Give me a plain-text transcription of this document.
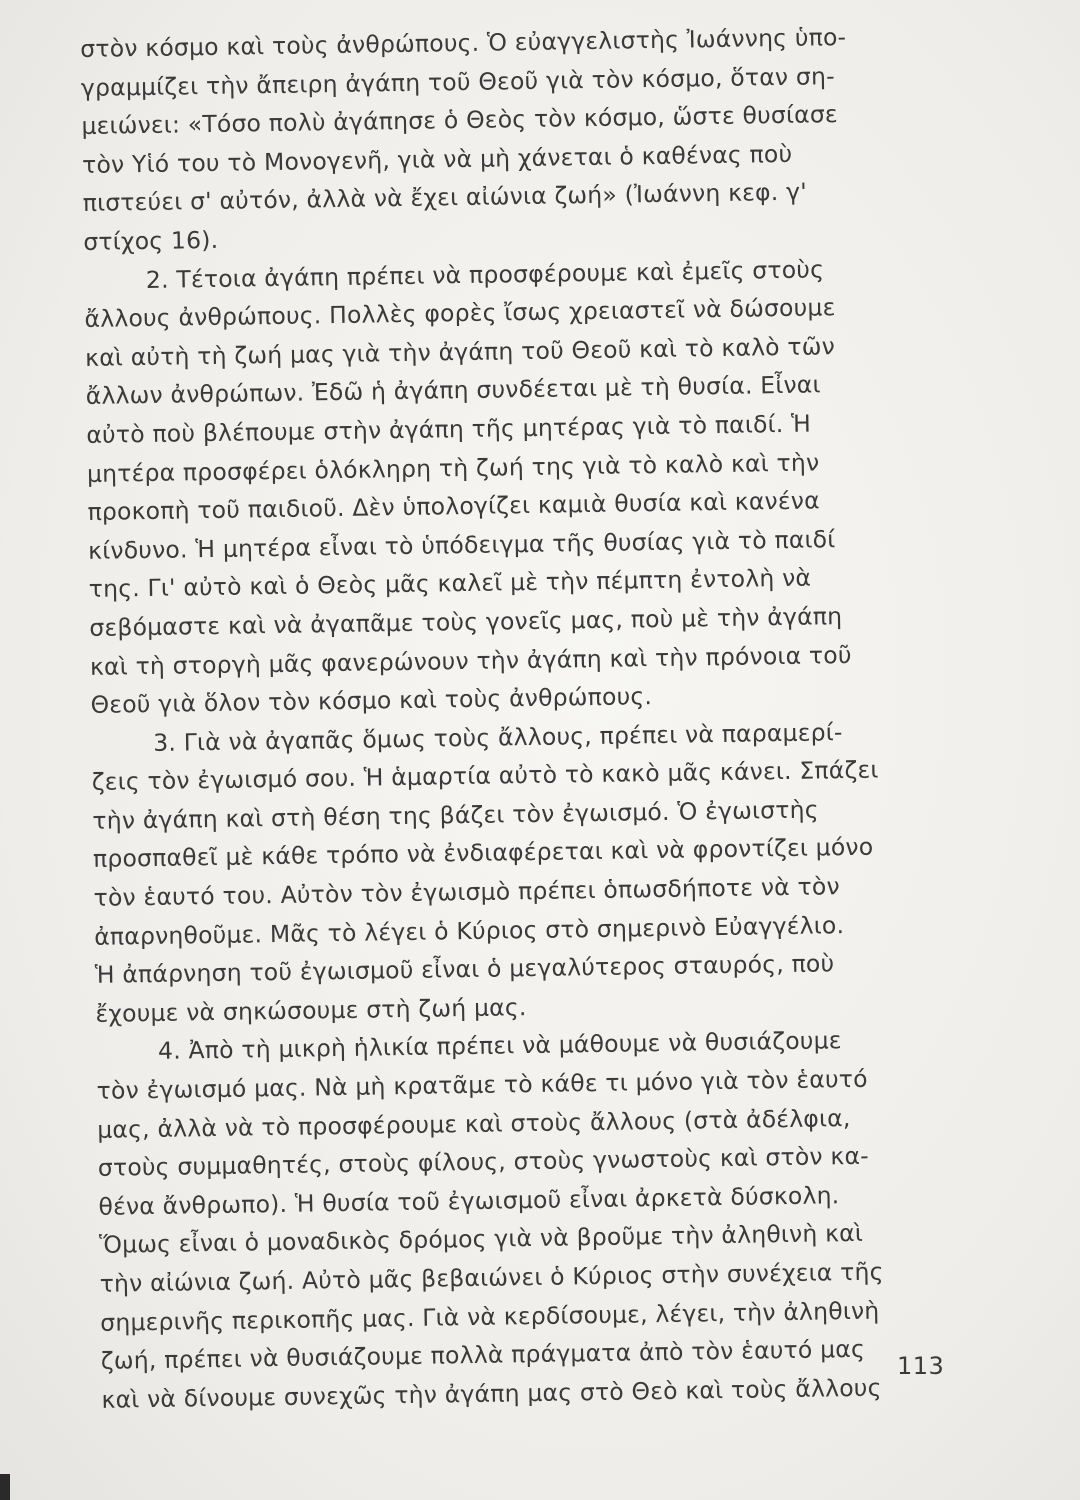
στὸν κόσμο καὶ τοὺς ἀνθρώπους. Ὁ εὐαγγελιστὴς Ἰωάννης ὑπο-
γραμμίζει τὴν ἄπειρη ἀγάπη τοῦ Θεοῦ γιὰ τὸν κόσμο, ὅταν ση-
μειώνει: «Τόσο πολὺ ἀγάπησε ὁ Θεὸς τὸν κόσμο, ὥστε θυσίασε
τὸν Υἱό του τὸ Μονογενῆ, γιὰ νὰ μὴ χάνεται ὁ καθένας ποὺ
πιστεύει σ' αὐτόν, ἀλλὰ νὰ ἔχει αἰώνια ζωή» (Ἰωάννη κεφ. γ'
στίχος 16).
2. Τέτοια ἀγάπη πρέπει νὰ προσφέρουμε καὶ ἐμεῖς στοὺς
ἄλλους ἀνθρώπους. Πολλὲς φορὲς ἴσως χρειαστεῖ νὰ δώσουμε
καὶ αὐτὴ τὴ ζωή μας γιὰ τὴν ἀγάπη τοῦ Θεοῦ καὶ τὸ καλὸ τῶν
ἄλλων ἀνθρώπων. Ἐδῶ ἡ ἀγάπη συνδέεται μὲ τὴ θυσία. Εἶναι
αὐτὸ ποὺ βλέπουμε στὴν ἀγάπη τῆς μητέρας γιὰ τὸ παιδί. Ἡ
μητέρα προσφέρει ὁλόκληρη τὴ ζωή της γιὰ τὸ καλὸ καὶ τὴν
προκοπὴ τοῦ παιδιοῦ. Δὲν ὑπολογίζει καμιὰ θυσία καὶ κανένα
κίνδυνο. Ἡ μητέρα εἶναι τὸ ὑπόδειγμα τῆς θυσίας γιὰ τὸ παιδί
της. Γι' αὐτὸ καὶ ὁ Θεὸς μᾶς καλεῖ μὲ τὴν πέμπτη ἐντολὴ νὰ
σεβόμαστε καὶ νὰ ἀγαπᾶμε τοὺς γονεῖς μας, ποὺ μὲ τὴν ἀγάπη
καὶ τὴ στοργὴ μᾶς φανερώνουν τὴν ἀγάπη καὶ τὴν πρόνοια τοῦ
Θεοῦ γιὰ ὅλον τὸν κόσμο καὶ τοὺς ἀνθρώπους.
3. Γιὰ νὰ ἀγαπᾶς ὅμως τοὺς ἄλλους, πρέπει νὰ παραμερί-
ζεις τὸν ἐγωισμό σου. Ἡ ἁμαρτία αὐτὸ τὸ κακὸ μᾶς κάνει. Σπάζει
τὴν ἀγάπη καὶ στὴ θέση της βάζει τὸν ἐγωισμό. Ὁ ἐγωιστὴς
προσπαθεῖ μὲ κάθε τρόπο νὰ ἐνδιαφέρεται καὶ νὰ φροντίζει μόνο
τὸν ἑαυτό του. Αὐτὸν τὸν ἐγωισμὸ πρέπει ὁπωσδήποτε νὰ τὸν
ἀπαρνηθοῦμε. Μᾶς τὸ λέγει ὁ Κύριος στὸ σημερινὸ Εὐαγγέλιο.
Ἡ ἀπάρνηση τοῦ ἐγωισμοῦ εἶναι ὁ μεγαλύτερος σταυρός, ποὺ
ἔχουμε νὰ σηκώσουμε στὴ ζωή μας.
4. Ἀπὸ τὴ μικρὴ ἡλικία πρέπει νὰ μάθουμε νὰ θυσιάζουμε
τὸν ἐγωισμό μας. Νὰ μὴ κρατᾶμε τὸ κάθε τι μόνο γιὰ τὸν ἑαυτό
μας, ἀλλὰ νὰ τὸ προσφέρουμε καὶ στοὺς ἄλλους (στὰ ἀδέλφια,
στοὺς συμμαθητές, στοὺς φίλους, στοὺς γνωστοὺς καὶ στὸν κα-
θένα ἄνθρωπο). Ἡ θυσία τοῦ ἐγωισμοῦ εἶναι ἀρκετὰ δύσκολη.
Ὅμως εἶναι ὁ μοναδικὸς δρόμος γιὰ νὰ βροῦμε τὴν ἀληθινὴ καὶ
τὴν αἰώνια ζωή. Αὐτὸ μᾶς βεβαιώνει ὁ Κύριος στὴν συνέχεια τῆς
σημερινῆς περικοπῆς μας. Γιὰ νὰ κερδίσουμε, λέγει, τὴν ἀληθινὴ
ζωή, πρέπει νὰ θυσιάζουμε πολλὰ πράγματα ἀπὸ τὸν ἑαυτό μας
καὶ νὰ δίνουμε συνεχῶς τὴν ἀγάπη μας στὸ Θεὸ καὶ τοὺς ἄλλους
113
